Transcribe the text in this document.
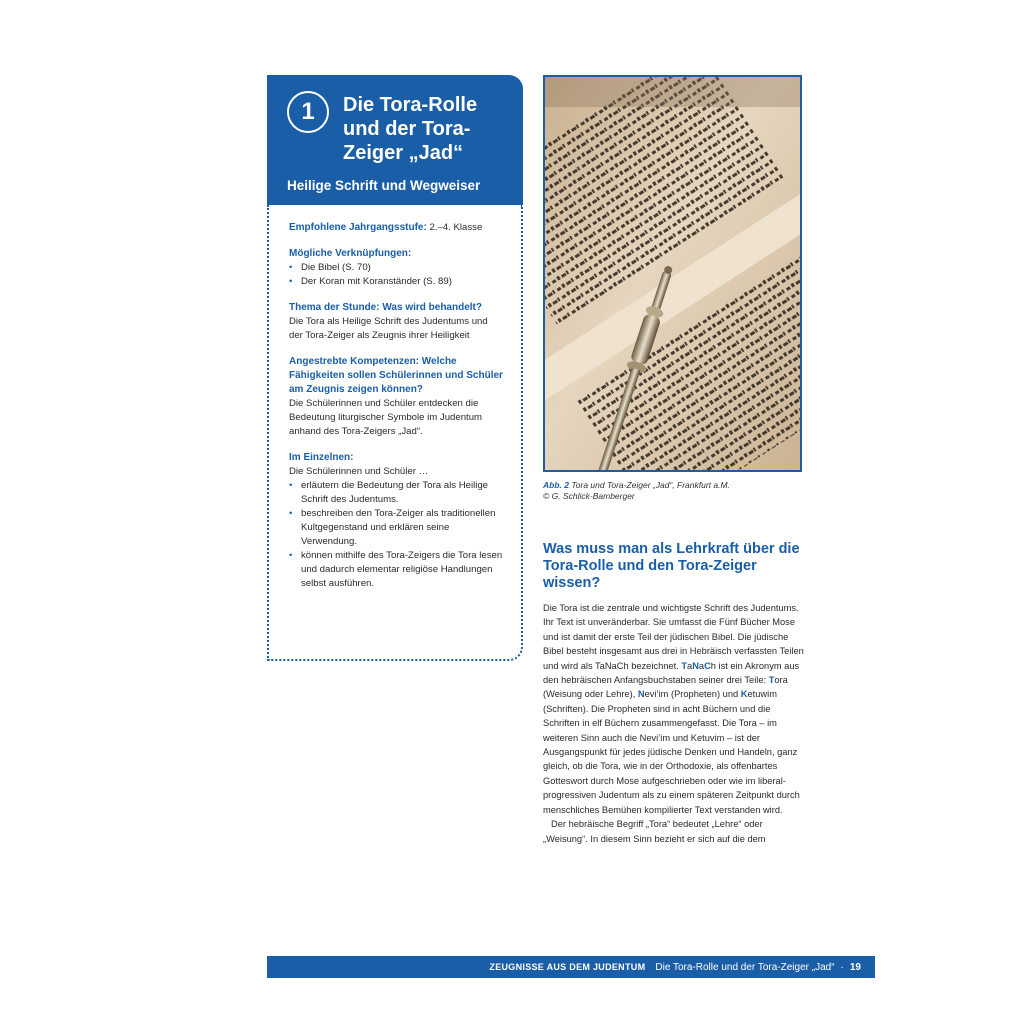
1 Die Tora-Rolle und der Tora-Zeiger „Jad“
Heilige Schrift und Wegweiser
Empfohlene Jahrgangsstufe: 2.–4. Klasse
Mögliche Verknüpfungen:
• Die Bibel (S. 70)
• Der Koran mit Koranständer (S. 89)
Thema der Stunde: Was wird behandelt?
Die Tora als Heilige Schrift des Judentums und der Tora-Zeiger als Zeugnis ihrer Heiligkeit
Angestrebte Kompetenzen: Welche Fähigkeiten sollen Schülerinnen und Schüler am Zeugnis zeigen können?
Die Schülerinnen und Schüler entdecken die Bedeutung liturgischer Symbole im Judentum anhand des Tora-Zeigers „Jad“.
Im Einzelnen:
Die Schülerinnen und Schüler …
• erläutern die Bedeutung der Tora als Heilige Schrift des Judentums.
• beschreiben den Tora-Zeiger als traditionellen Kultgegenstand und erklären seine Verwendung.
• können mithilfe des Tora-Zeigers die Tora lesen und dadurch elementar religiöse Handlungen selbst ausführen.
Abb. 2 Tora und Tora-Zeiger „Jad“, Frankfurt a.M.
© G. Schlick-Bamberger
Was muss man als Lehrkraft über die Tora-Rolle und den Tora-Zeiger wissen?

Die Tora ist die zentrale und wichtigste Schrift des Judentums. Ihr Text ist unveränderbar. Sie umfasst die Fünf Bücher Mose und ist damit der erste Teil der jüdischen Bibel. Die jüdische Bibel besteht insgesamt aus drei in Hebräisch verfassten Teilen und wird als TaNaCh bezeichnet. TaNaCh ist ein Akronym aus den hebräischen Anfangsbuchstaben seiner drei Teile: Tora (Weisung oder Lehre), Nevi’im (Propheten) und Ketuwim (Schriften). Die Propheten sind in acht Büchern und die Schriften in elf Büchern zusammengefasst. Die Tora – im weiteren Sinn auch die Nevi’im und Ketuvim – ist der Ausgangspunkt für jedes jüdische Denken und Handeln, ganz gleich, ob die Tora, wie in der Orthodoxie, als offenbartes Gotteswort durch Mose aufgeschrieben oder wie im liberal-progressiven Judentum als zu einem späteren Zeitpunkt durch menschliches Bemühen kompilierter Text verstanden wird.

Der hebräische Begriff „Tora“ bedeutet „Lehre“ oder „Weisung“. In diesem Sinn bezieht er sich auf die dem

ZEUGNISSE AUS DEM JUDENTUM Die Tora-Rolle und der Tora-Zeiger „Jad“ · 19
